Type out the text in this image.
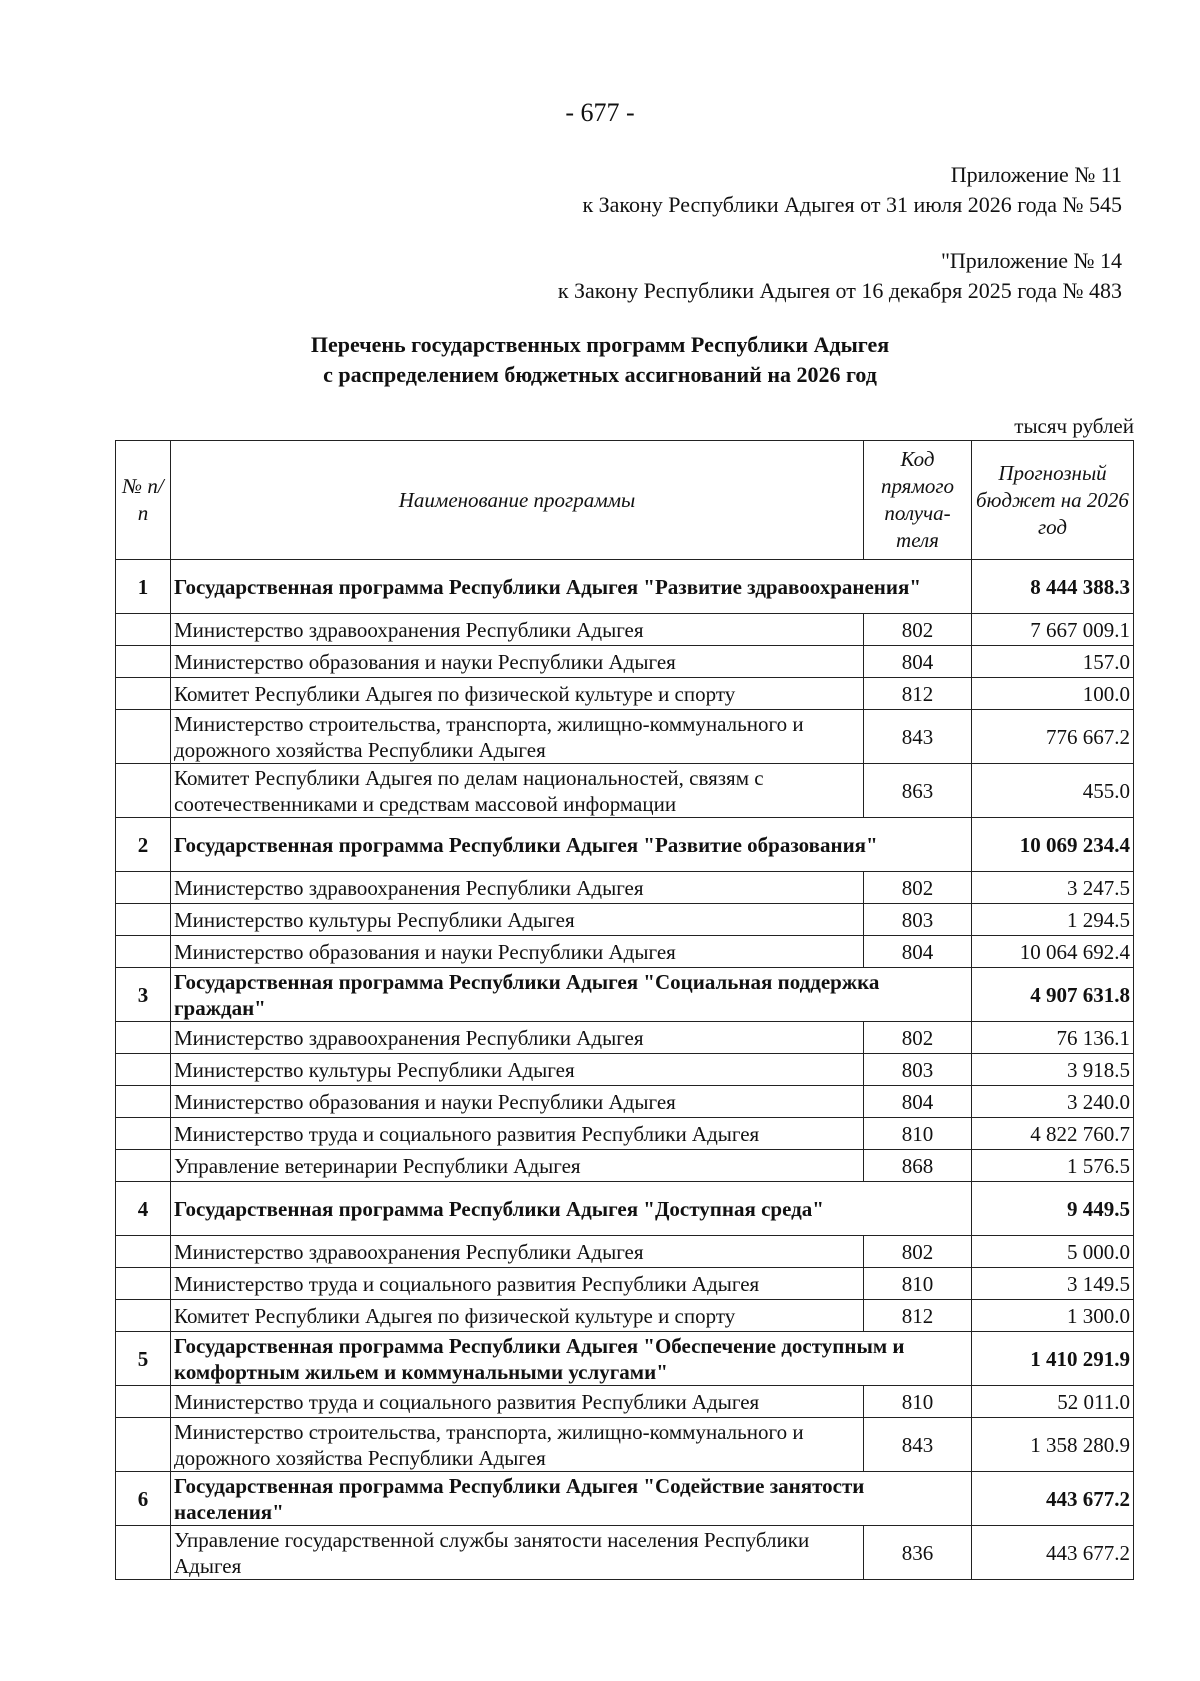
- 677 -
Приложение № 11
к Закону Республики Адыгея от 31 июля 2026 года № 545
"Приложение № 14
к Закону Республики Адыгея от 16 декабря 2025 года № 483
Перечень государственных программ Республики Адыгея
с распределением бюджетных ассигнований на 2026 год
тысяч рублей
№ п/п	Наименование программы	Код прямого получа-теля	Прогнозный бюджет на 2026 год
1	Государственная программа Республики Адыгея "Развитие здравоохранения"		8 444 388.3
	Министерство здравоохранения Республики Адыгея	802	7 667 009.1
	Министерство образования и науки Республики Адыгея	804	157.0
	Комитет Республики Адыгея по физической культуре и спорту	812	100.0
	Министерство строительства, транспорта, жилищно-коммунального и дорожного хозяйства Республики Адыгея	843	776 667.2
	Комитет Республики Адыгея по делам национальностей, связям с соотечественниками и средствам массовой информации	863	455.0
2	Государственная программа Республики Адыгея "Развитие образования"		10 069 234.4
	Министерство здравоохранения Республики Адыгея	802	3 247.5
	Министерство культуры Республики Адыгея	803	1 294.5
	Министерство образования и науки Республики Адыгея	804	10 064 692.4
3	Государственная программа Республики Адыгея "Социальная поддержка граждан"		4 907 631.8
	Министерство здравоохранения Республики Адыгея	802	76 136.1
	Министерство культуры Республики Адыгея	803	3 918.5
	Министерство образования и науки Республики Адыгея	804	3 240.0
	Министерство труда и социального развития Республики Адыгея	810	4 822 760.7
	Управление ветеринарии Республики Адыгея	868	1 576.5
4	Государственная программа Республики Адыгея "Доступная среда"		9 449.5
	Министерство здравоохранения Республики Адыгея	802	5 000.0
	Министерство труда и социального развития Республики Адыгея	810	3 149.5
	Комитет Республики Адыгея по физической культуре и спорту	812	1 300.0
5	Государственная программа Республики Адыгея "Обеспечение доступным и комфортным жильем и коммунальными услугами"		1 410 291.9
	Министерство труда и социального развития Республики Адыгея	810	52 011.0
	Министерство строительства, транспорта, жилищно-коммунального и дорожного хозяйства Республики Адыгея	843	1 358 280.9
6	Государственная программа Республики Адыгея "Содействие занятости населения"		443 677.2
	Управление государственной службы занятости населения Республики Адыгея	836	443 677.2
